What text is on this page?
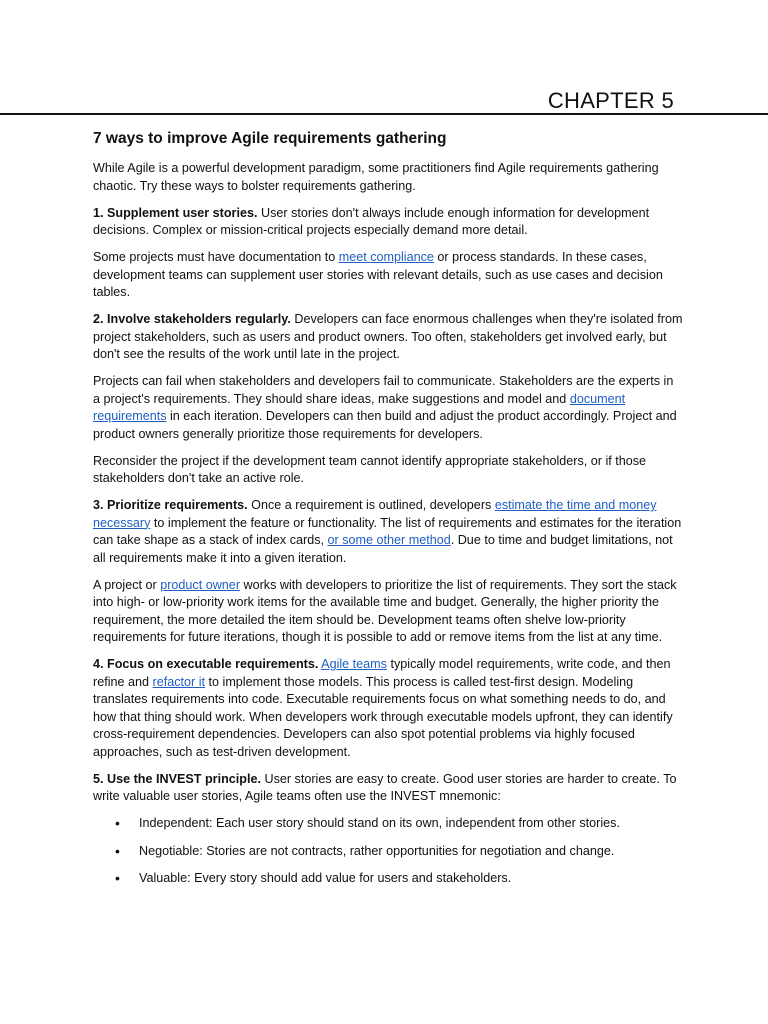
CHAPTER 5
7 ways to improve Agile requirements gathering

While Agile is a powerful development paradigm, some practitioners find Agile requirements gathering chaotic. Try these ways to bolster requirements gathering.

1. Supplement user stories. User stories don't always include enough information for development decisions. Complex or mission-critical projects especially demand more detail.

Some projects must have documentation to meet compliance or process standards. In these cases, development teams can supplement user stories with relevant details, such as use cases and decision tables.

2. Involve stakeholders regularly. Developers can face enormous challenges when they're isolated from project stakeholders, such as users and product owners. Too often, stakeholders get involved early, but don't see the results of the work until late in the project.

Projects can fail when stakeholders and developers fail to communicate. Stakeholders are the experts in a project's requirements. They should share ideas, make suggestions and model and document requirements in each iteration. Developers can then build and adjust the product accordingly. Project and product owners generally prioritize those requirements for developers.

Reconsider the project if the development team cannot identify appropriate stakeholders, or if those stakeholders don't take an active role.

3. Prioritize requirements. Once a requirement is outlined, developers estimate the time and money necessary to implement the feature or functionality. The list of requirements and estimates for the iteration can take shape as a stack of index cards, or some other method. Due to time and budget limitations, not all requirements make it into a given iteration.

A project or product owner works with developers to prioritize the list of requirements. They sort the stack into high- or low-priority work items for the available time and budget. Generally, the higher priority the requirement, the more detailed the item should be. Development teams often shelve low-priority requirements for future iterations, though it is possible to add or remove items from the list at any time.

4. Focus on executable requirements. Agile teams typically model requirements, write code, and then refine and refactor it to implement those models. This process is called test-first design. Modeling translates requirements into code. Executable requirements focus on what something needs to do, and how that thing should work. When developers work through executable models upfront, they can identify cross-requirement dependencies. Developers can also spot potential problems via highly focused approaches, such as test-driven development.

5. Use the INVEST principle. User stories are easy to create. Good user stories are harder to create. To write valuable user stories, Agile teams often use the INVEST mnemonic:

• Independent: Each user story should stand on its own, independent from other stories.
• Negotiable: Stories are not contracts, rather opportunities for negotiation and change.
• Valuable: Every story should add value for users and stakeholders.
